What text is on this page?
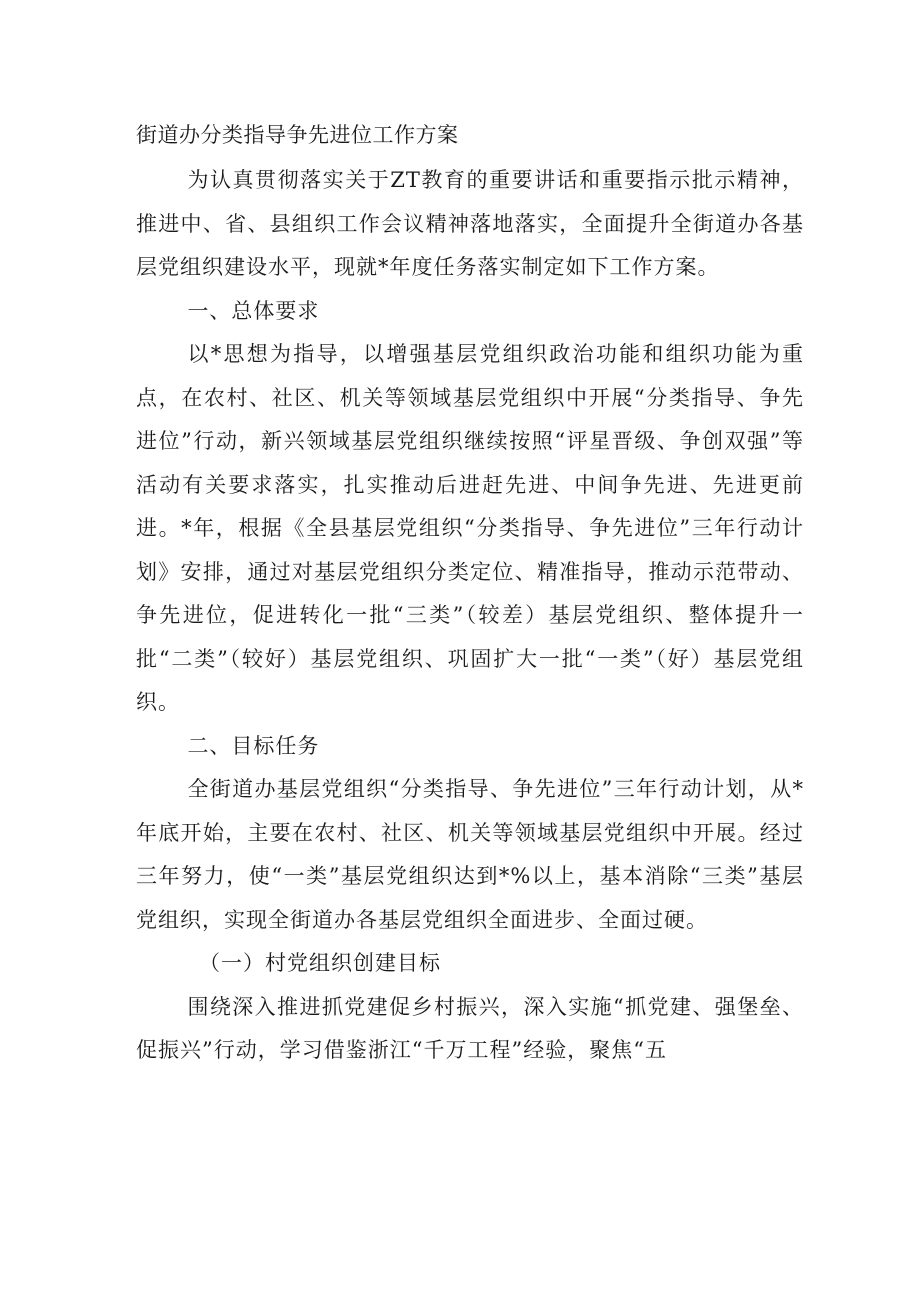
街道办分类指导争先进位工作方案

为认真贯彻落实关于ZT教育的重要讲话和重要指示批示精神，推进中、省、县组织工作会议精神落地落实，全面提升全街道办各基层党组织建设水平，现就*年度任务落实制定如下工作方案。

一、总体要求

以*思想为指导，以增强基层党组织政治功能和组织功能为重点，在农村、社区、机关等领域基层党组织中开展“分类指导、争先进位”行动，新兴领域基层党组织继续按照“评星晋级、争创双强”等活动有关要求落实，扎实推动后进赶先进、中间争先进、先进更前进。*年，根据《全县基层党组织“分类指导、争先进位”三年行动计划》安排，通过对基层党组织分类定位、精准指导，推动示范带动、争先进位，促进转化一批“三类”（较差）基层党组织、整体提升一批“二类”（较好）基层党组织、巩固扩大一批“一类”（好）基层党组织。

二、目标任务

全街道办基层党组织“分类指导、争先进位”三年行动计划，从*年底开始，主要在农村、社区、机关等领域基层党组织中开展。经过三年努力，使“一类”基层党组织达到*%以上，基本消除“三类”基层党组织，实现全街道办各基层党组织全面进步、全面过硬。

（一）村党组织创建目标

围绕深入推进抓党建促乡村振兴，深入实施“抓党建、强堡垒、促振兴”行动，学习借鉴浙江“千万工程”经验，聚焦“五
